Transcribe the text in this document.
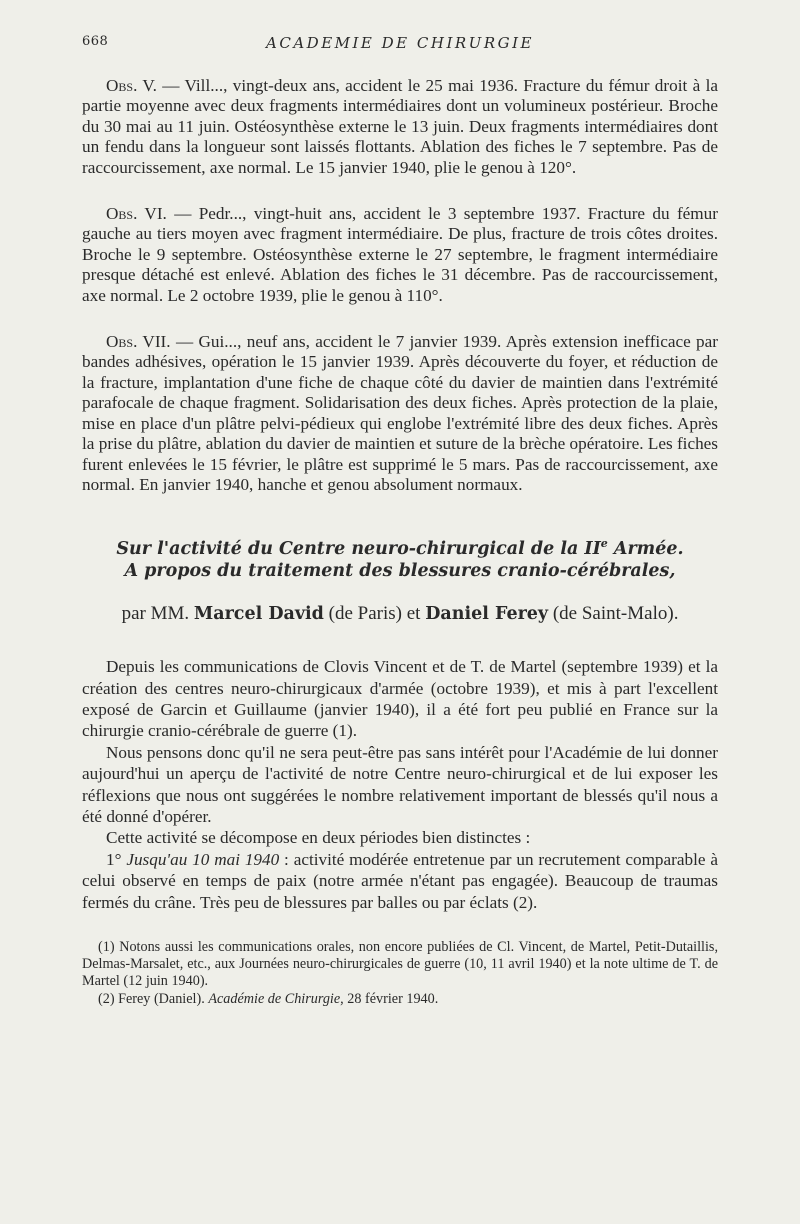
668	ACADEMIE DE CHIRURGIE

Obs. V. — Vill..., vingt-deux ans, accident le 25 mai 1936. Fracture du fémur droit à la partie moyenne avec deux fragments intermédiaires dont un volumineux postérieur. Broche du 30 mai au 11 juin. Ostéosynthèse externe le 13 juin. Deux fragments intermédiaires dont un fendu dans la longueur sont laissés flottants. Ablation des fiches le 7 septembre. Pas de raccourcissement, axe normal. Le 15 janvier 1940, plie le genou à 120°.

Obs. VI. — Pedr..., vingt-huit ans, accident le 3 septembre 1937. Fracture du fémur gauche au tiers moyen avec fragment intermédiaire. De plus, fracture de trois côtes droites. Broche le 9 septembre. Ostéosynthèse externe le 27 septembre, le fragment intermédiaire presque détaché est enlevé. Ablation des fiches le 31 décembre. Pas de raccourcissement, axe normal. Le 2 octobre 1939, plie le genou à 110°.

Obs. VII. — Gui..., neuf ans, accident le 7 janvier 1939. Après extension inefficace par bandes adhésives, opération le 15 janvier 1939. Après découverte du foyer, et réduction de la fracture, implantation d'une fiche de chaque côté du davier de maintien dans l'extrémité parafocale de chaque fragment. Solidarisation des deux fiches. Après protection de la plaie, mise en place d'un plâtre pelvi-pédieux qui englobe l'extrémité libre des deux fiches. Après la prise du plâtre, ablation du davier de maintien et suture de la brèche opératoire. Les fiches furent enlevées le 15 février, le plâtre est supprimé le 5 mars. Pas de raccourcissement, axe normal. En janvier 1940, hanche et genou absolument normaux.

Sur l'activité du Centre neuro-chirurgical de la IIe Armée.
A propos du traitement des blessures cranio-cérébrales,
par MM. Marcel David (de Paris) et Daniel Ferey (de Saint-Malo).

Depuis les communications de Clovis Vincent et de T. de Martel (septembre 1939) et la création des centres neuro-chirurgicaux d'armée (octobre 1939), et mis à part l'excellent exposé de Garcin et Guillaume (janvier 1940), il a été fort peu publié en France sur la chirurgie cranio-cérébrale de guerre (1).

Nous pensons donc qu'il ne sera peut-être pas sans intérêt pour l'Académie de lui donner aujourd'hui un aperçu de l'activité de notre Centre neuro-chirurgical et de lui exposer les réflexions que nous ont suggérées le nombre relativement important de blessés qu'il nous a été donné d'opérer.

Cette activité se décompose en deux périodes bien distinctes :

1° Jusqu'au 10 mai 1940 : activité modérée entretenue par un recrutement comparable à celui observé en temps de paix (notre armée n'étant pas engagée). Beaucoup de traumas fermés du crâne. Très peu de blessures par balles ou par éclats (2).

(1) Notons aussi les communications orales, non encore publiées de Cl. Vincent, de Martel, Petit-Dutaillis, Delmas-Marsalet, etc., aux Journées neuro-chirurgicales de guerre (10, 11 avril 1940) et la note ultime de T. de Martel (12 juin 1940).

(2) Ferey (Daniel). Académie de Chirurgie, 28 février 1940.
